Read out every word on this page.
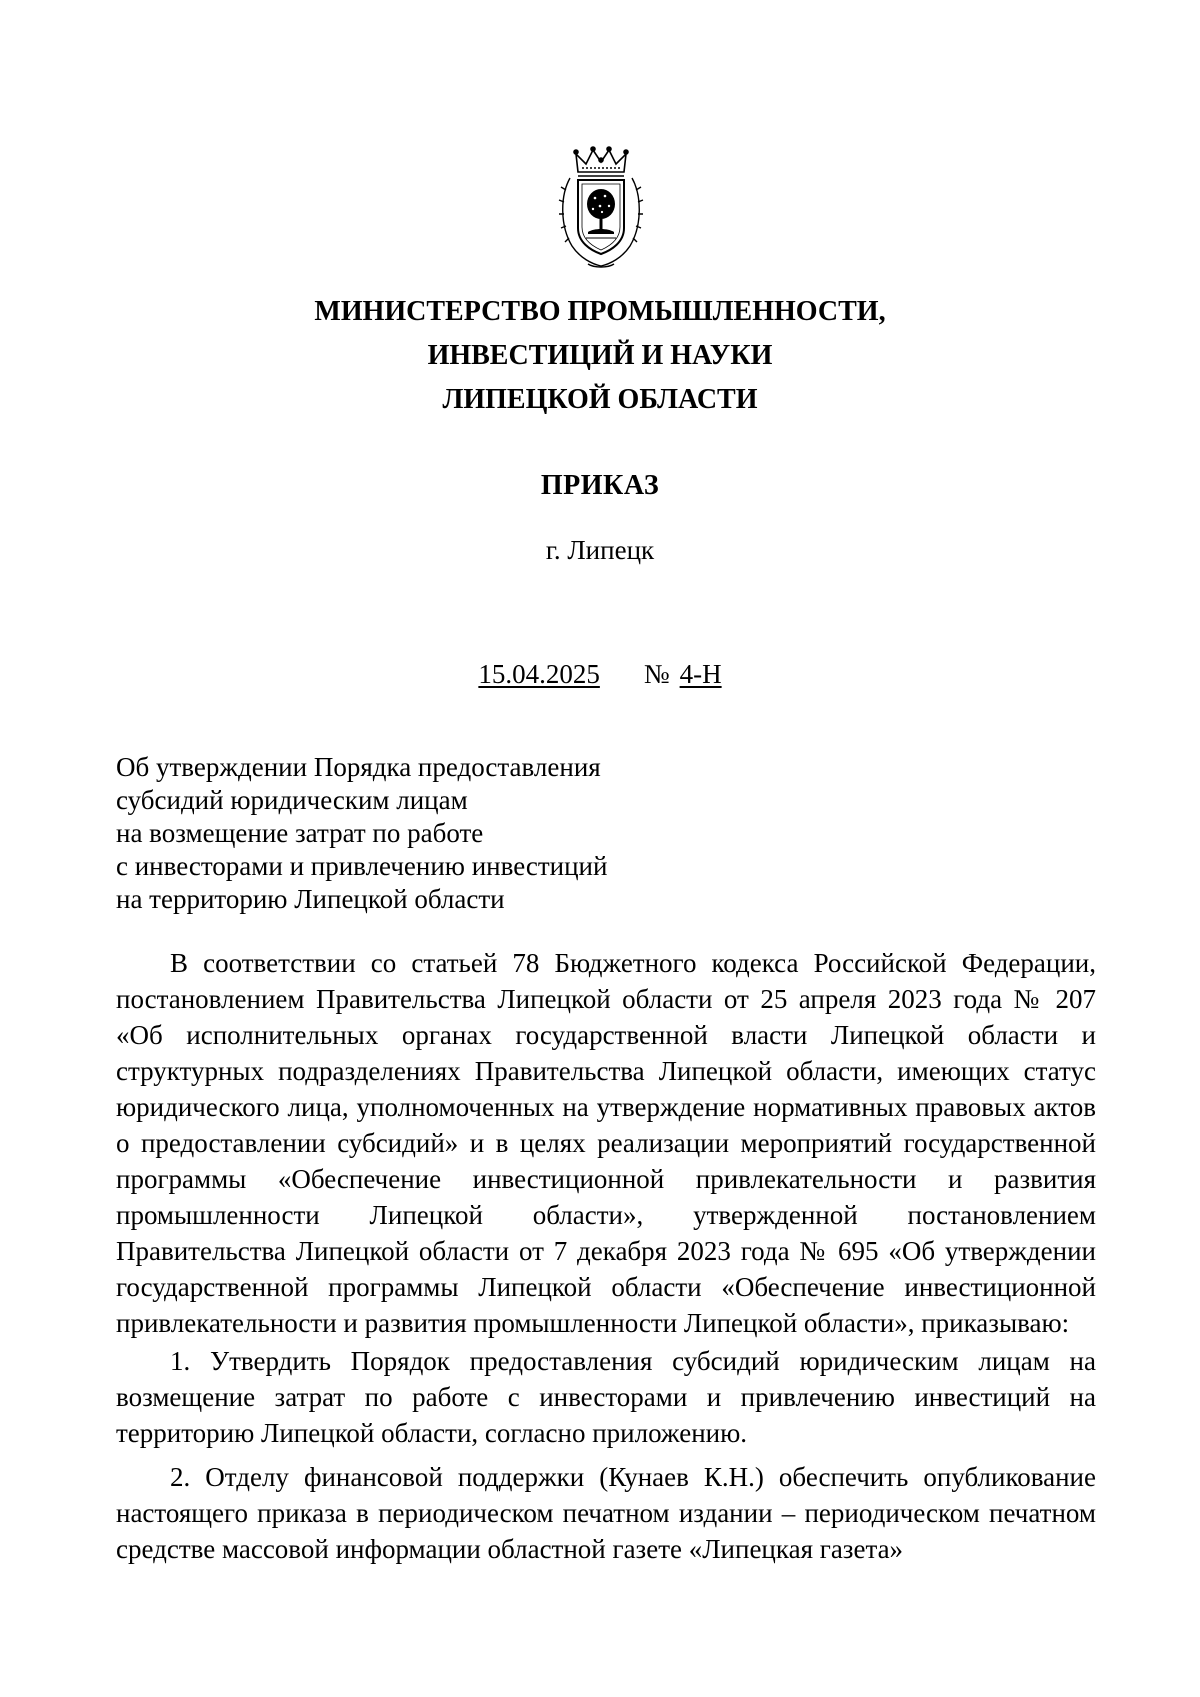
МИНИСТЕРСТВО ПРОМЫШЛЕННОСТИ,
ИНВЕСТИЦИЙ И НАУКИ
ЛИПЕЦКОЙ ОБЛАСТИ
ПРИКАЗ
г. Липецк
15.04.2025 № 4-Н
Об утверждении Порядка предоставления
субсидий юридическим лицам
на возмещение затрат по работе
с инвесторами и привлечению инвестиций
на территорию Липецкой области

В соответствии со статьей 78 Бюджетного кодекса Российской Федерации, постановлением Правительства Липецкой области от 25 апреля 2023 года № 207 «Об исполнительных органах государственной власти Липецкой области и структурных подразделениях Правительства Липецкой области, имеющих статус юридического лица, уполномоченных на утверждение нормативных правовых актов о предоставлении субсидий» и в целях реализации мероприятий государственной программы «Обеспечение инвестиционной привлекательности и развития промышленности Липецкой области», утвержденной постановлением Правительства Липецкой области от 7 декабря 2023 года № 695 «Об утверждении государственной программы Липецкой области «Обеспечение инвестиционной привлекательности и развития промышленности Липецкой области», приказываю:

1. Утвердить Порядок предоставления субсидий юридическим лицам на возмещение затрат по работе с инвесторами и привлечению инвестиций на территорию Липецкой области, согласно приложению.

2. Отделу финансовой поддержки (Кунаев К.Н.) обеспечить опубликование настоящего приказа в периодическом печатном издании – периодическом печатном средстве массовой информации областной газете «Липецкая газета»
